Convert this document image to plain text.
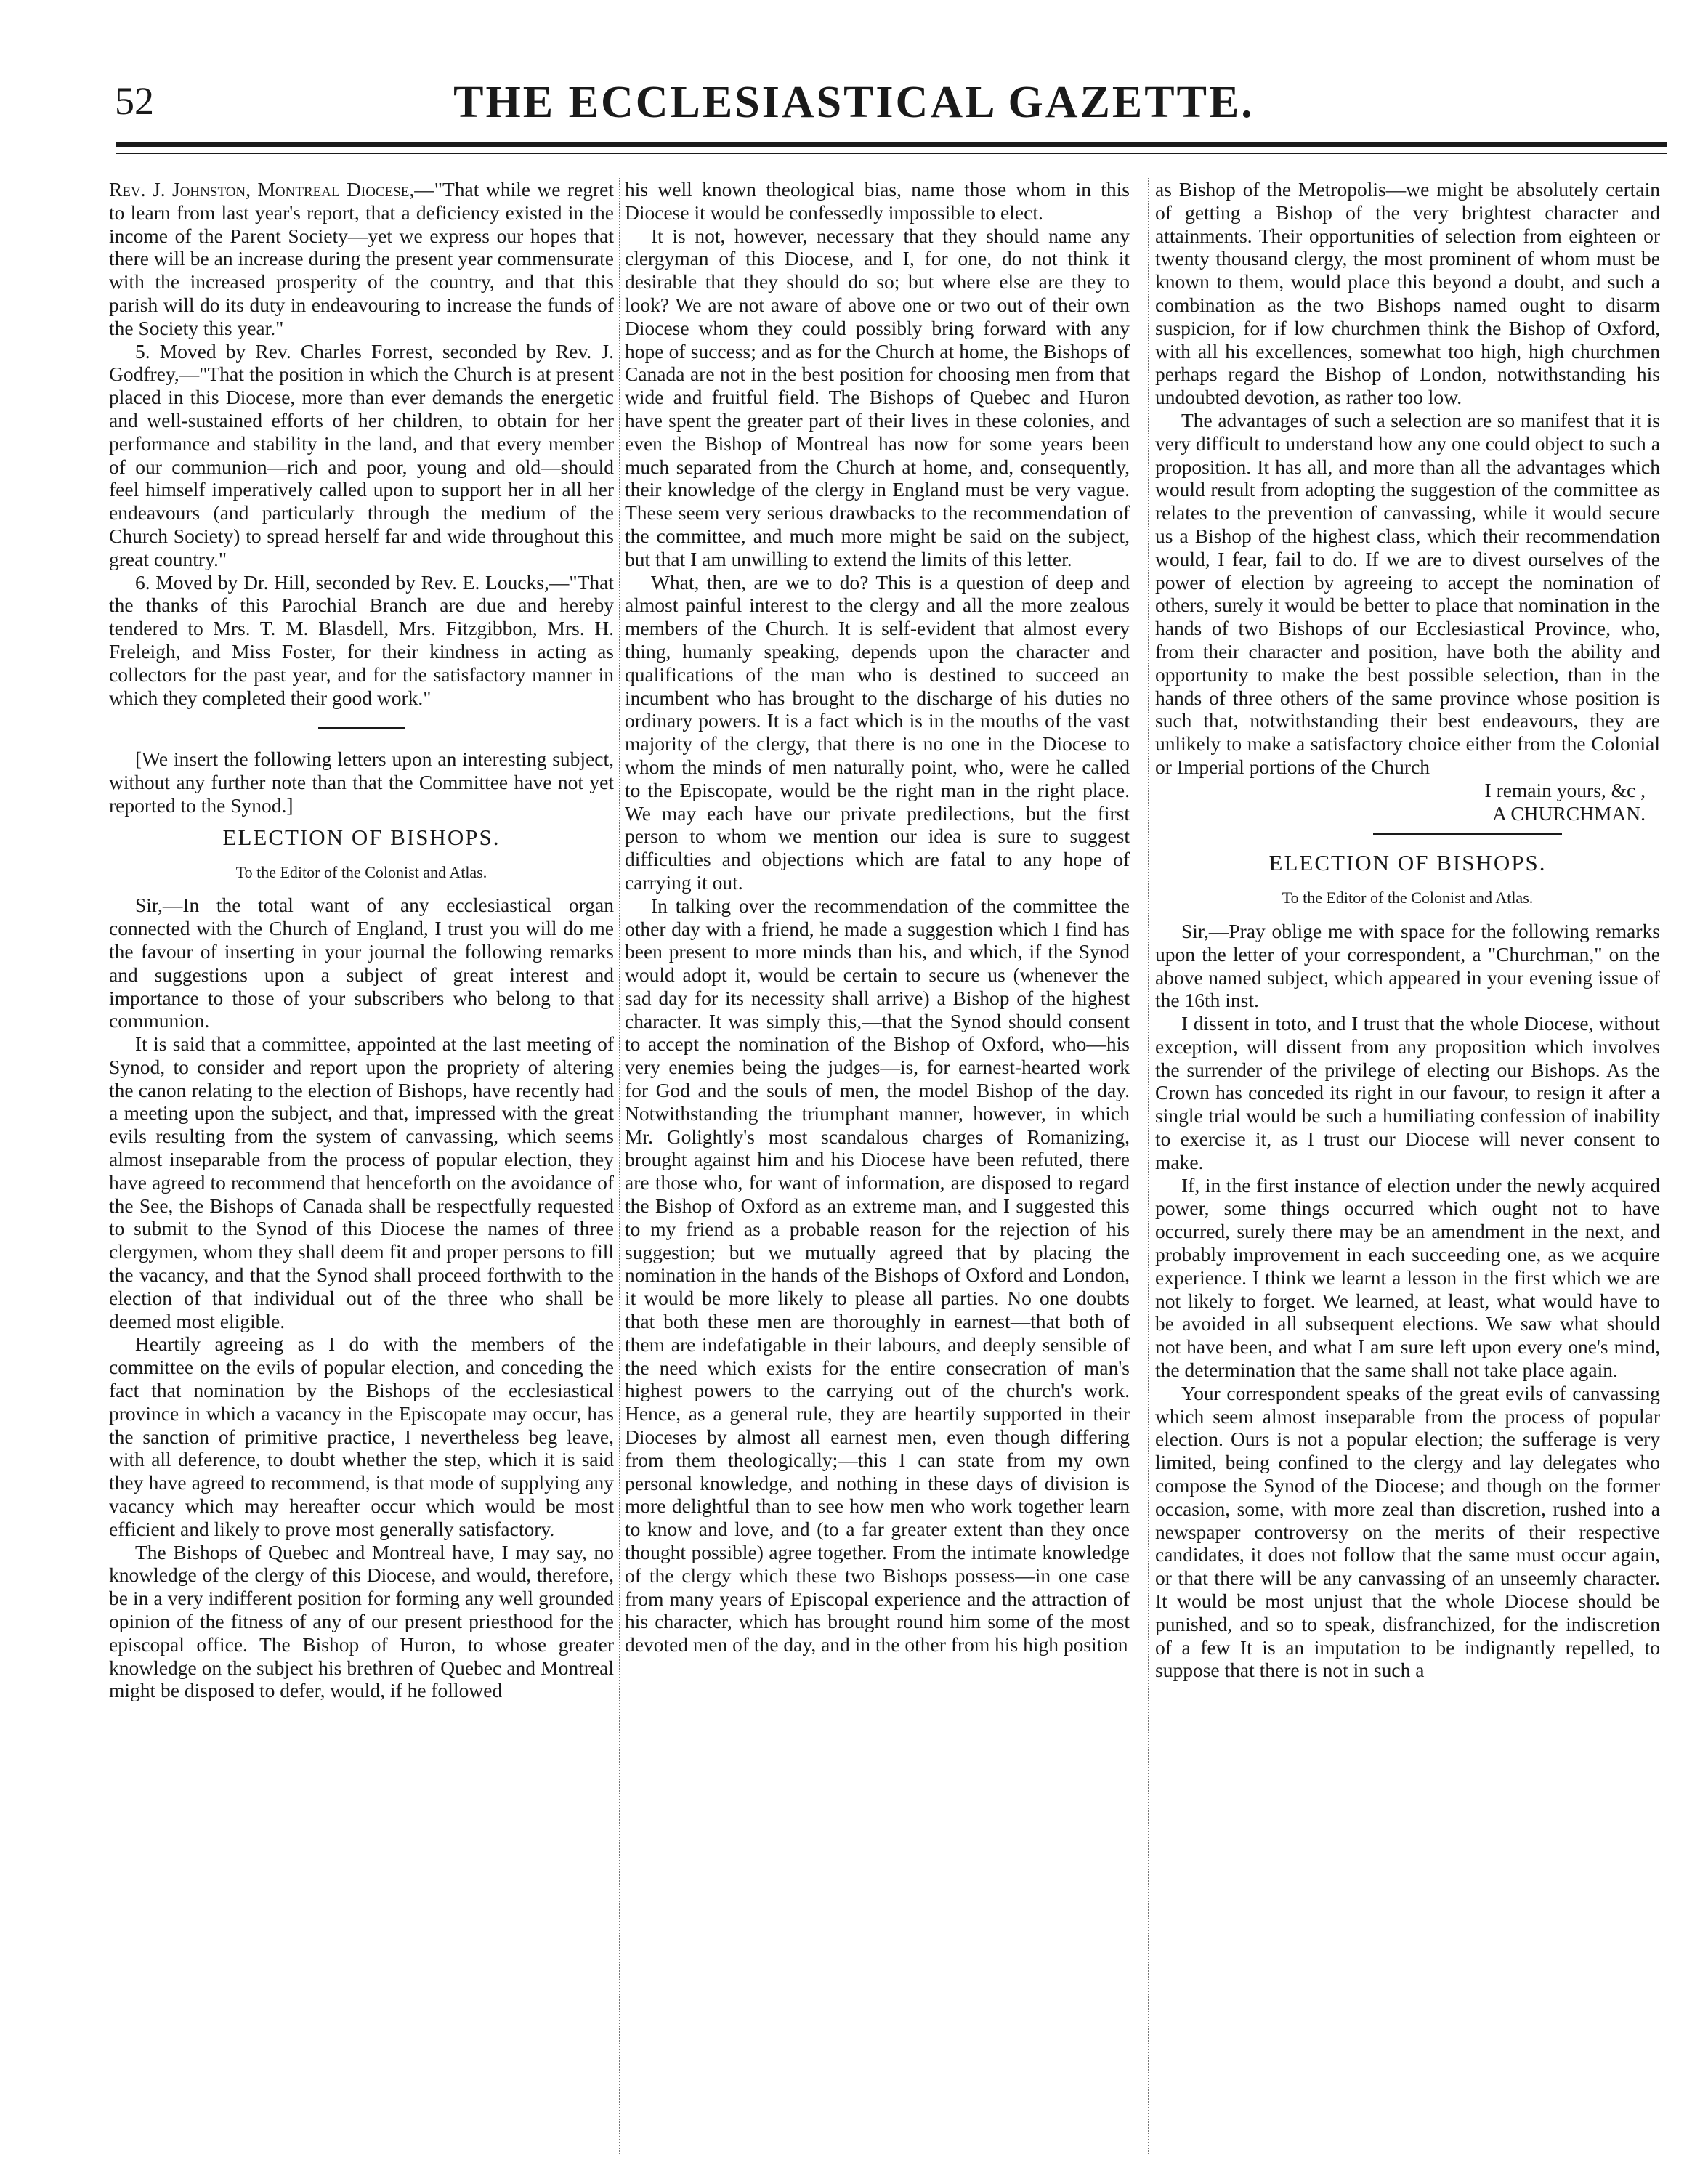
52	THE ECCLESIASTICAL GAZETTE.

Rev. J. Johnston, Montreal Diocese,—"That while we regret to learn from last year's report, that a deficiency existed in the income of the Parent Society—yet we express our hopes that there will be an increase during the present year commensurate with the increased prosperity of the country, and that this parish will do its duty in endeavouring to increase the funds of the Society this year."

5. Moved by Rev. Charles Forrest, seconded by Rev. J. Godfrey,—"That the position in which the Church is at present placed in this Diocese, more than ever demands the energetic and well-sustained efforts of her children, to obtain for her performance and stability in the land, and that every member of our communion—rich and poor, young and old—should feel himself imperatively called upon to support her in all her endeavours (and particularly through the medium of the Church Society) to spread herself far and wide throughout this great country."

6. Moved by Dr. Hill, seconded by Rev. E. Loucks,—"That the thanks of this Parochial Branch are due and hereby tendered to Mrs. T. M. Blasdell, Mrs. Fitzgibbon, Mrs. H. Freleigh, and Miss Foster, for their kindness in acting as collectors for the past year, and for the satisfactory manner in which they completed their good work."

[We insert the following letters upon an interesting subject, without any further note than that the Committee have not yet reported to the Synod.]

ELECTION OF BISHOPS.
To the Editor of the Colonist and Atlas.

Sir,—In the total want of any ecclesiastical organ connected with the Church of England, I trust you will do me the favour of inserting in your journal the following remarks and suggestions upon a subject of great interest and importance to those of your subscribers who belong to that communion.

It is said that a committee, appointed at the last meeting of Synod, to consider and report upon the propriety of altering the canon relating to the election of Bishops, have recently had a meeting upon the subject, and that, impressed with the great evils resulting from the system of canvassing, which seems almost inseparable from the process of popular election, they have agreed to recommend that henceforth on the avoidance of the See, the Bishops of Canada shall be respectfully requested to submit to the Synod of this Diocese the names of three clergymen, whom they shall deem fit and proper persons to fill the vacancy, and that the Synod shall proceed forthwith to the election of that individual out of the three who shall be deemed most eligible.

Heartily agreeing as I do with the members of the committee on the evils of popular election, and conceding the fact that nomination by the Bishops of the ecclesiastical province in which a vacancy in the Episcopate may occur, has the sanction of primitive practice, I nevertheless beg leave, with all deference, to doubt whether the step, which it is said they have agreed to recommend, is that mode of supplying any vacancy which may hereafter occur which would be most efficient and likely to prove most generally satisfactory.

The Bishops of Quebec and Montreal have, I may say, no knowledge of the clergy of this Diocese, and would, therefore, be in a very indifferent position for forming any well grounded opinion of the fitness of any of our present priesthood for the episcopal office. The Bishop of Huron, to whose greater knowledge on the subject his brethren of Quebec and Montreal might be disposed to defer, would, if he followed

his well known theological bias, name those whom in this Diocese it would be confessedly impossible to elect.

It is not, however, necessary that they should name any clergyman of this Diocese, and I, for one, do not think it desirable that they should do so; but where else are they to look? We are not aware of above one or two out of their own Diocese whom they could possibly bring forward with any hope of success; and as for the Church at home, the Bishops of Canada are not in the best position for choosing men from that wide and fruitful field. The Bishops of Quebec and Huron have spent the greater part of their lives in these colonies, and even the Bishop of Montreal has now for some years been much separated from the Church at home, and, consequently, their knowledge of the clergy in England must be very vague. These seem very serious drawbacks to the recommendation of the committee, and much more might be said on the subject, but that I am unwilling to extend the limits of this letter.

What, then, are we to do? This is a question of deep and almost painful interest to the clergy and all the more zealous members of the Church. It is self-evident that almost every thing, humanly speaking, depends upon the character and qualifications of the man who is destined to succeed an incumbent who has brought to the discharge of his duties no ordinary powers. It is a fact which is in the mouths of the vast majority of the clergy, that there is no one in the Diocese to whom the minds of men naturally point, who, were he called to the Episcopate, would be the right man in the right place. We may each have our private predilections, but the first person to whom we mention our idea is sure to suggest difficulties and objections which are fatal to any hope of carrying it out.

In talking over the recommendation of the committee the other day with a friend, he made a suggestion which I find has been present to more minds than his, and which, if the Synod would adopt it, would be certain to secure us (whenever the sad day for its necessity shall arrive) a Bishop of the highest character. It was simply this,—that the Synod should consent to accept the nomination of the Bishop of Oxford, who—his very enemies being the judges—is, for earnest-hearted work for God and the souls of men, the model Bishop of the day. Notwithstanding the triumphant manner, however, in which Mr. Golightly's most scandalous charges of Romanizing, brought against him and his Diocese have been refuted, there are those who, for want of information, are disposed to regard the Bishop of Oxford as an extreme man, and I suggested this to my friend as a probable reason for the rejection of his suggestion; but we mutually agreed that by placing the nomination in the hands of the Bishops of Oxford and London, it would be more likely to please all parties. No one doubts that both these men are thoroughly in earnest—that both of them are indefatigable in their labours, and deeply sensible of the need which exists for the entire consecration of man's highest powers to the carrying out of the church's work. Hence, as a general rule, they are heartily supported in their Dioceses by almost all earnest men, even though differing from them theologically;—this I can state from my own personal knowledge, and nothing in these days of division is more delightful than to see how men who work together learn to know and love, and (to a far greater extent than they once thought possible) agree together. From the intimate knowledge of the clergy which these two Bishops possess—in one case from many years of Episcopal experience and the attraction of his character, which has brought round him some of the most devoted men of the day, and in the other from his high position

as Bishop of the Metropolis—we might be absolutely certain of getting a Bishop of the very brightest character and attainments. Their opportunities of selection from eighteen or twenty thousand clergy, the most prominent of whom must be known to them, would place this beyond a doubt, and such a combination as the two Bishops named ought to disarm suspicion, for if low churchmen think the Bishop of Oxford, with all his excellences, somewhat too high, high churchmen perhaps regard the Bishop of London, notwithstanding his undoubted devotion, as rather too low.

The advantages of such a selection are so manifest that it is very difficult to understand how any one could object to such a proposition. It has all, and more than all the advantages which would result from adopting the suggestion of the committee as relates to the prevention of canvassing, while it would secure us a Bishop of the highest class, which their recommendation would, I fear, fail to do. If we are to divest ourselves of the power of election by agreeing to accept the nomination of others, surely it would be better to place that nomination in the hands of two Bishops of our Ecclesiastical Province, who, from their character and position, have both the ability and opportunity to make the best possible selection, than in the hands of three others of the same province whose position is such that, notwithstanding their best endeavours, they are unlikely to make a satisfactory choice either from the Colonial or Imperial portions of the Church

I remain yours, &c ,

A CHURCHMAN.

ELECTION OF BISHOPS.
To the Editor of the Colonist and Atlas.

Sir,—Pray oblige me with space for the following remarks upon the letter of your correspondent, a "Churchman," on the above named subject, which appeared in your evening issue of the 16th inst.

I dissent in toto, and I trust that the whole Diocese, without exception, will dissent from any proposition which involves the surrender of the privilege of electing our Bishops. As the Crown has conceded its right in our favour, to resign it after a single trial would be such a humiliating confession of inability to exercise it, as I trust our Diocese will never consent to make.

If, in the first instance of election under the newly acquired power, some things occurred which ought not to have occurred, surely there may be an amendment in the next, and probably improvement in each succeeding one, as we acquire experience. I think we learnt a lesson in the first which we are not likely to forget. We learned, at least, what would have to be avoided in all subsequent elections. We saw what should not have been, and what I am sure left upon every one's mind, the determination that the same shall not take place again.

Your correspondent speaks of the great evils of canvassing which seem almost inseparable from the process of popular election. Ours is not a popular election; the sufferage is very limited, being confined to the clergy and lay delegates who compose the Synod of the Diocese; and though on the former occasion, some, with more zeal than discretion, rushed into a newspaper controversy on the merits of their respective candidates, it does not follow that the same must occur again, or that there will be any canvassing of an unseemly character. It would be most unjust that the whole Diocese should be punished, and so to speak, disfranchized, for the indiscretion of a few It is an imputation to be indignantly repelled, to suppose that there is not in such a
